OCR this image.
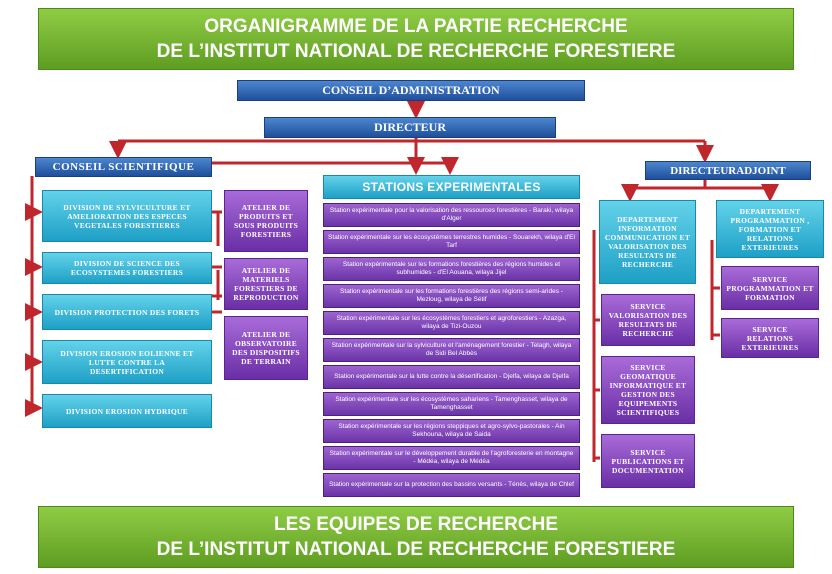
ORGANIGRAMME DE LA PARTIE RECHERCHE
DE L’INSTITUT NATIONAL DE RECHERCHE FORESTIERE
CONSEIL D’ADMINISTRATION
DIRECTEUR
CONSEIL SCIENTIFIQUE	DIRECTEURADJOINT
DIVISION DE SYLVICULTURE ET AMELIORATION DES ESPECES VEGETALES FORESTIERES
DIVISION DE SCIENCE DES ECOSYSTEMES FORESTIERS
DIVISION PROTECTION DES FORETS
DIVISION EROSION EOLIENNE ET LUTTE CONTRE LA DESERTIFICATION
DIVISION EROSION HYDRIQUE
ATELIER DE PRODUITS ET SOUS PRODUITS FORESTIERS
ATELIER DE MATERIELS FORESTIERS DE REPRODUCTION
ATELIER DE OBSERVATOIRE DES DISPOSITIFS DE TERRAIN
STATIONS EXPERIMENTALES
Station expérimentale pour la valorisation des ressources forestières - Baraki, wilaya d'Alger
Station expérimentale sur les écosystèmes terrestres humides - Souarekh, wilaya d'El Tarf
Station expérimentale sur les formations forestières des régions humides et subhumides - d'El Aouana, wilaya Jijel
Station expérimentale sur les formations forestières des régions semi-arides - Mezloug, wilaya de Sétif
Station expérimentale sur les écosystèmes forestiers et agroforestiers - Azazga, wilaya de Tizi-Ouzou
Station expérimentale sur la sylviculture et l'aménagement forestier - Telagh, wilaya de Sidi Bel Abbès
Station expérimentale sur la lutte contre la désertification - Djelfa, wilaya de Djelfa
Station expérimentale sur les écosystèmes sahariens - Tamenghasset, wilaya de Tamenghasset
Station expérimentale sur les régions steppiques et agro-sylvo-pastorales - Ain Sekhouna, wilaya de Saida
Station expérimentale sur le développement durable de l'agroforesterie en montagne - Médéa, wilaya de Médéa
Station expérimentale sur la protection des bassins versants - Ténès, wilaya de Chlef
DEPARTEMENT INFORMATION COMMUNICATION ET VALORISATION DES RESULTATS DE RECHERCHE
DEPARTEMENT PROGRAMMATION , FORMATION ET RELATIONS EXTERIEURES
SERVICE VALORISATION DES RESULTATS DE RECHERCHE
SERVICE GEOMATIQUE INFORMATIQUE ET GESTION DES EQUIPEMENTS SCIENTIFIQUES
SERVICE PUBLICATIONS ET DOCUMENTATION
SERVICE PROGRAMMATION ET FORMATION
SERVICE RELATIONS EXTERIEURES
LES EQUIPES DE RECHERCHE
DE L’INSTITUT NATIONAL DE RECHERCHE FORESTIERE
